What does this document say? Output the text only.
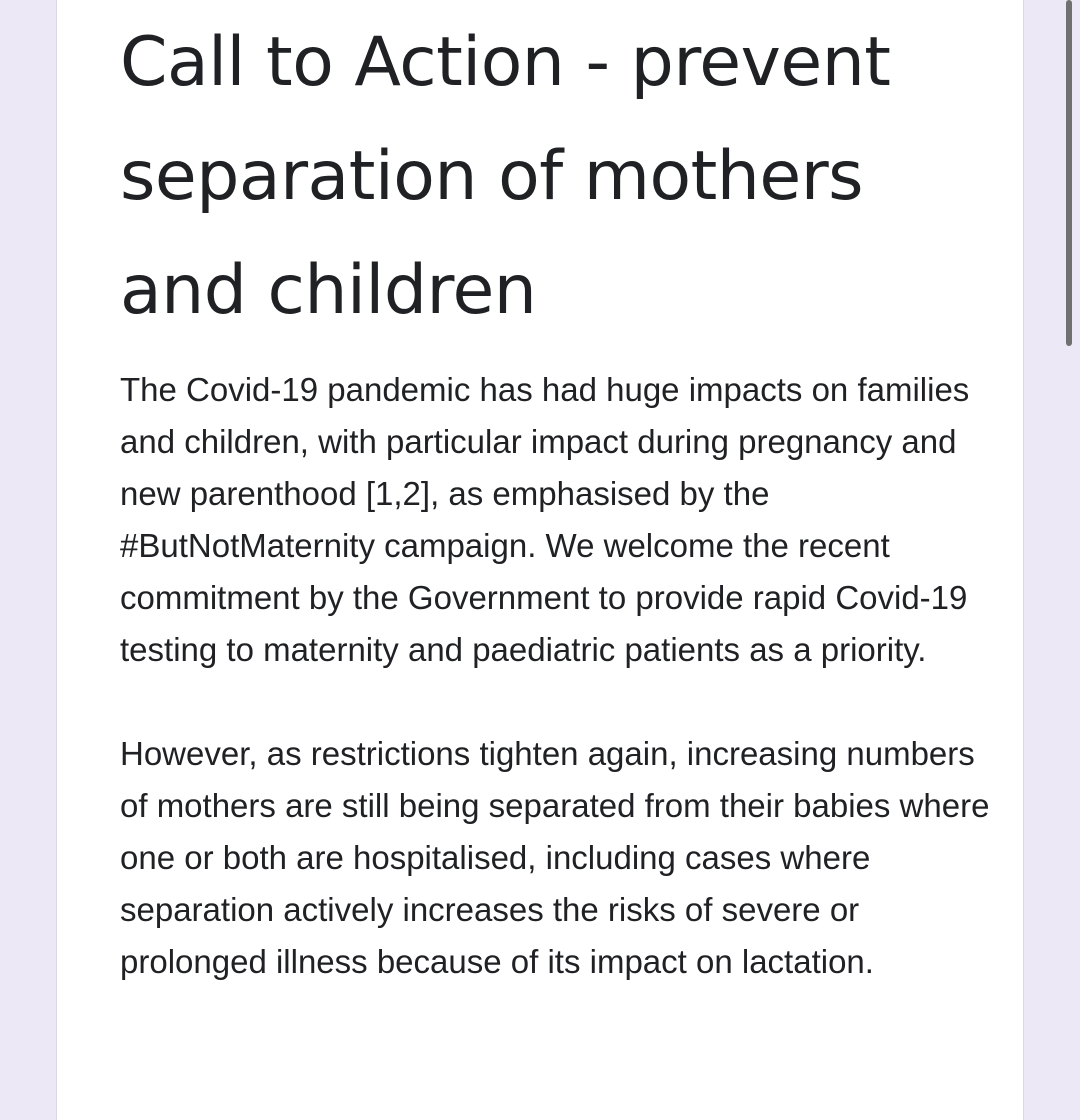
Call to Action - prevent separation of mothers and children

The Covid-19 pandemic has had huge impacts on families and children, with particular impact during pregnancy and new parenthood [1,2], as emphasised by the #ButNotMaternity campaign. We welcome the recent commitment by the Government to provide rapid Covid-19 testing to maternity and paediatric patients as a priority.

However, as restrictions tighten again, increasing numbers of mothers are still being separated from their babies where one or both are hospitalised, including cases where separation actively increases the risks of severe or prolonged illness because of its impact on lactation.
